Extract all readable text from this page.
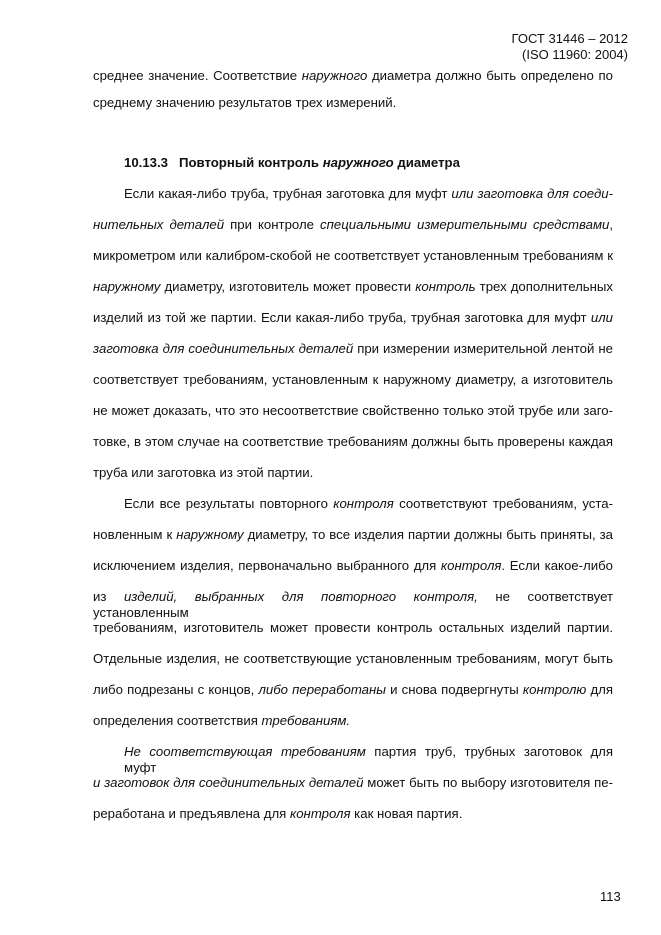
ГОСТ 31446 – 2012
(ISO 11960: 2004)
среднее значение. Соответствие наружного диаметра должно быть определено по
среднему значению результатов трех измерений.
10.13.3   Повторный контроль наружного диаметра
Если какая-либо труба, трубная заготовка для муфт или заготовка для соеди-
нительных деталей при контроле специальными измерительными средствами,
микрометром или калибром-скобой не соответствует установленным требованиям к
наружному диаметру, изготовитель может провести контроль трех дополнительных
изделий из той же партии. Если какая-либо труба, трубная заготовка для муфт или
заготовка для соединительных деталей при измерении измерительной лентой не
соответствует требованиям, установленным к наружному диаметру, а изготовитель
не может доказать, что это несоответствие свойственно только этой трубе или заго-
товке, в этом случае на соответствие требованиям должны быть проверены каждая
труба или заготовка из этой партии.
Если все результаты повторного контроля соответствуют требованиям, уста-
новленным к наружному диаметру, то все изделия партии должны быть приняты, за
исключением изделия, первоначально выбранного для контроля. Если какое-либо
из изделий, выбранных для повторного контроля, не соответствует установленным
требованиям, изготовитель может провести контроль остальных изделий партии.
Отдельные изделия, не соответствующие установленным требованиям, могут быть
либо подрезаны с концов, либо переработаны и снова подвергнуты контролю для
определения соответствия требованиям.
Не соответствующая требованиям партия труб, трубных заготовок для муфт
и заготовок для соединительных деталей может быть по выбору изготовителя пе-
реработана и предъявлена для контроля как новая партия.
113
